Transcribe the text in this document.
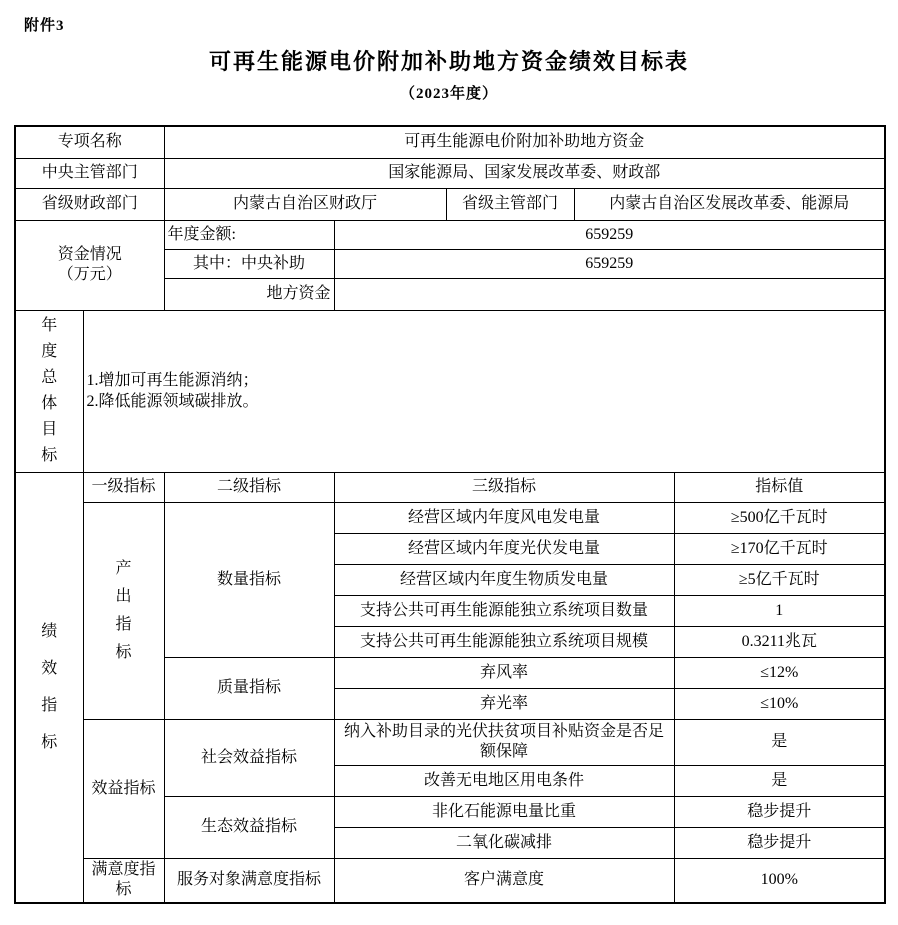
附件3
可再生能源电价附加补助地方资金绩效目标表
（2023年度）
专项名称		可再生能源电价附加补助地方资金				
中央主管部门		国家能源局、国家发展改革委、财政部				
省级财政部门		内蒙古自治区财政厅		省级主管部门	内蒙古自治区发展改革委、能源局	

资金情况
（万元）		年度金额:	659259			
		其中：中央补助	659259			
		地方资金				

年度总体目标	1.增加可再生能源消纳；
2.降低能源领域碳排放。					

绩效指标	一级指标	二级指标	三级指标			指标值

	产出指标	数量指标	经营区域内年度风电发电量			≥500亿千瓦时
			经营区域内年度光伏发电量			≥170亿千瓦时
			经营区域内年度生物质发电量			≥5亿千瓦时
			支持公共可再生能源能独立系统项目数量			1
			支持公共可再生能源能独立系统项目规模			0.3211兆瓦
		质量指标	弃风率			≤12%
			弃光率			≤10%
	效益指标	社会效益指标	纳入补助目录的光伏扶贫项目补贴资金是否足额保障			是
			改善无电地区用电条件			是
		生态效益指标	非化石能源电量比重			稳步提升
			二氧化碳减排			稳步提升
	满意度指标	服务对象满意度指标	客户满意度			100%
